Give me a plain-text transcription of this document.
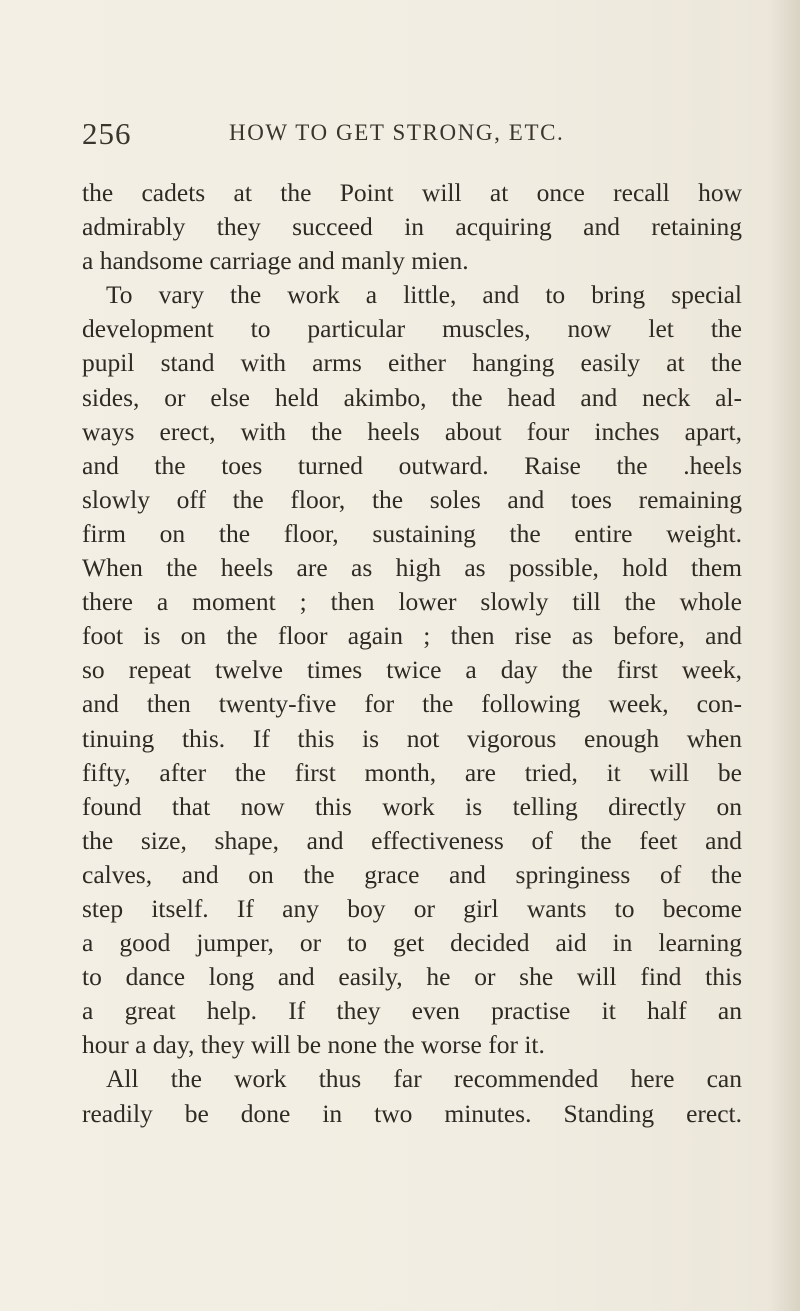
256	HOW TO GET STRONG, ETC.
the cadets at the Point will at once recall how
admirably they succeed in acquiring and retaining
a handsome carriage and manly mien.
To vary the work a little, and to bring special
development to particular muscles, now let the
pupil stand with arms either hanging easily at the
sides, or else held akimbo, the head and neck al-
ways erect, with the heels about four inches apart,
and the toes turned outward. Raise the .heels
slowly off the floor, the soles and toes remaining
firm on the floor, sustaining the entire weight.
When the heels are as high as possible, hold them
there a moment ; then lower slowly till the whole
foot is on the floor again ; then rise as before, and
so repeat twelve times twice a day the first week,
and then twenty-five for the following week, con-
tinuing this. If this is not vigorous enough when
fifty, after the first month, are tried, it will be
found that now this work is telling directly on
the size, shape, and effectiveness of the feet and
calves, and on the grace and springiness of the
step itself. If any boy or girl wants to become
a good jumper, or to get decided aid in learning
to dance long and easily, he or she will find this
a great help. If they even practise it half an
hour a day, they will be none the worse for it.
All the work thus far recommended here can
readily be done in two minutes. Standing erect.
